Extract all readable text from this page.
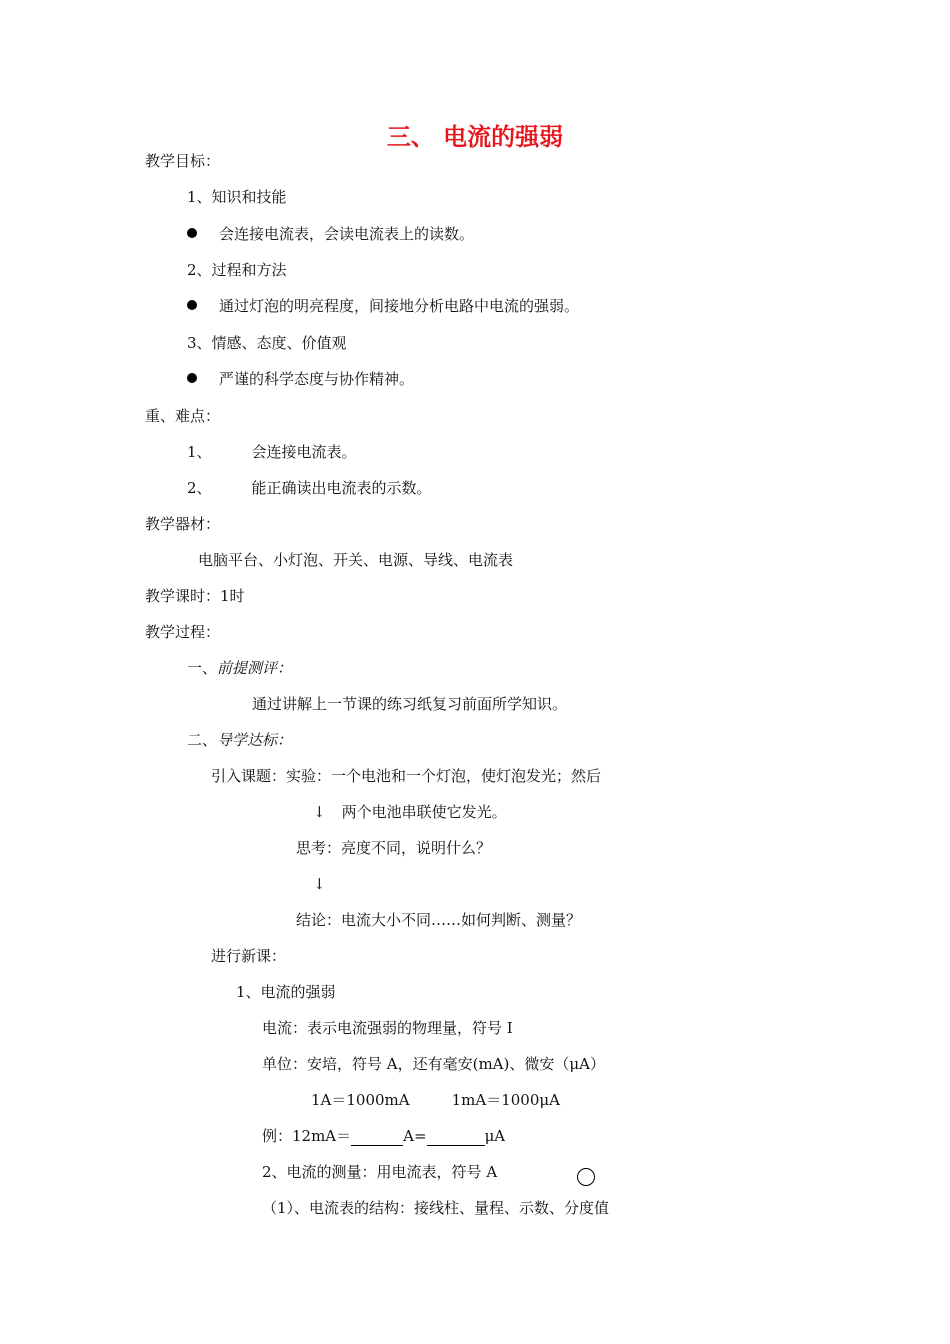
三、 电流的强弱
教学目标：
1、知识和技能
会连接电流表，会读电流表上的读数。
2、过程和方法
通过灯泡的明亮程度，间接地分析电路中电流的强弱。
3、情感、态度、价值观
严谨的科学态度与协作精神。
重、难点：
1、	会连接电流表。
2、	能正确读出电流表的示数。
教学器材：
电脑平台、小灯泡、开关、电源、导线、电流表
教学课时：1时
教学过程：
一、前提测评：
通过讲解上一节课的练习纸复习前面所学知识。
二、导学达标：
引入课题：实验：一个电池和一个灯泡，使灯泡发光；然后
↓ 两个电池串联使它发光。
思考：亮度不同，说明什么？
↓
结论：电流大小不同……如何判断、测量？
进行新课：
1、电流的强弱
电流：表示电流强弱的物理量，符号 I
单位：安培，符号 A，还有毫安(mA)、微安（μA）
1A＝1000mA	1mA＝1000μA
例：12mA＝	A=	μA
2、电流的测量：用电流表，符号 A
（1）、电流表的结构：接线柱、量程、示数、分度值
